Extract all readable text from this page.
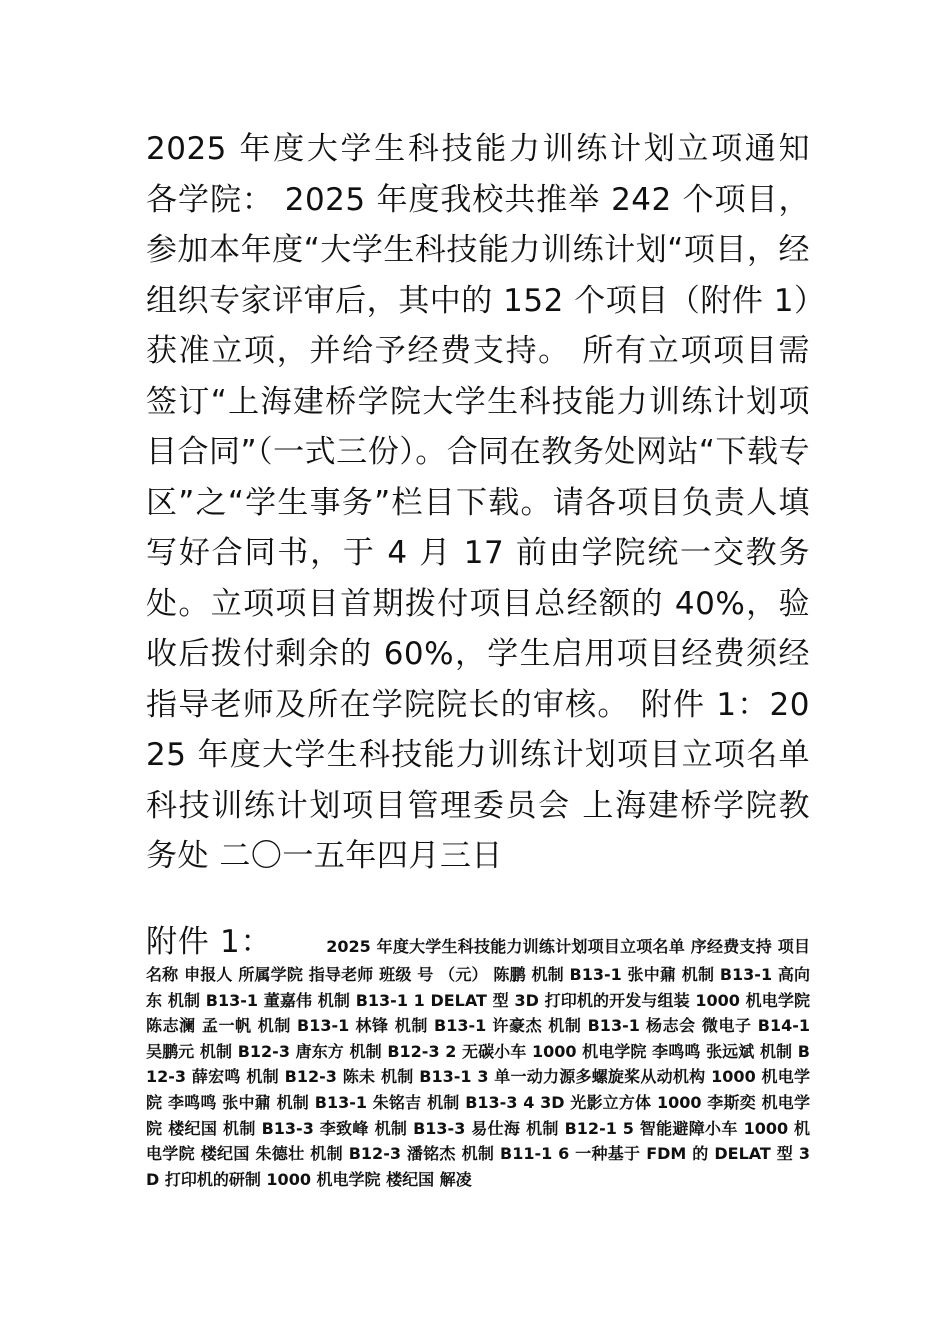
2025 年度大学生科技能力训练计划立项通知 各学院： 2025 年度我校共推举 242 个项目，参加本年度“大学生科技能力训练计划“项目，经组织专家评审后，其中的 152 个项目（附件 1）获准立项，并给予经费支持。 所有立项项目需签订“上海建桥学院大学生科技能力训练计划项目合同”（一式三份）。合同在教务处网站“下载专区”之“学生事务”栏目下载。请各项目负责人填写好合同书，于 4 月 17 前由学院统一交教务处。立项项目首期拨付项目总经额的 40%，验收后拨付剩余的 60%，学生启用项目经费须经指导老师及所在学院院长的审核。 附件 1：2025 年度大学生科技能力训练计划项目立项名单 科技训练计划项目管理委员会 上海建桥学院教务处 二〇一五年四月三日
附件 1：	2025 年度大学生科技能力训练计划项目立项名单 序经费支持 项目名称 申报人 所属学院 指导老师 班级 号 （元） 陈鹏 机制 B13-1 张中鼐 机制 B13-1 高向东 机制 B13-1 董嘉伟 机制 B13-1 1 DELAT 型 3D 打印机的开发与组装 1000 机电学院 陈志澜 孟一帆 机制 B13-1 林锋 机制 B13-1 许豪杰 机制 B13-1 杨志会 微电子 B14-1 吴鹏元 机制 B12-3 唐东方 机制 B12-3 2 无碳小车 1000 机电学院 李鸣鸣 张远斌 机制 B12-3 薛宏鸣 机制 B12-3 陈未 机制 B13-1 3 单一动力源多螺旋桨从动机构 1000 机电学院 李鸣鸣 张中鼐 机制 B13-1 朱铭吉 机制 B13-3 4 3D 光影立方体 1000 李斯奕 机电学院 楼纪国 机制 B13-3 李致峰 机制 B13-3 易仕海 机制 B12-1 5 智能避障小车 1000 机电学院 楼纪国 朱德壮 机制 B12-3 潘铭杰 机制 B11-1 6 一种基于 FDM 的 DELAT 型 3D 打印机的研制 1000 机电学院 楼纪国 解凌
